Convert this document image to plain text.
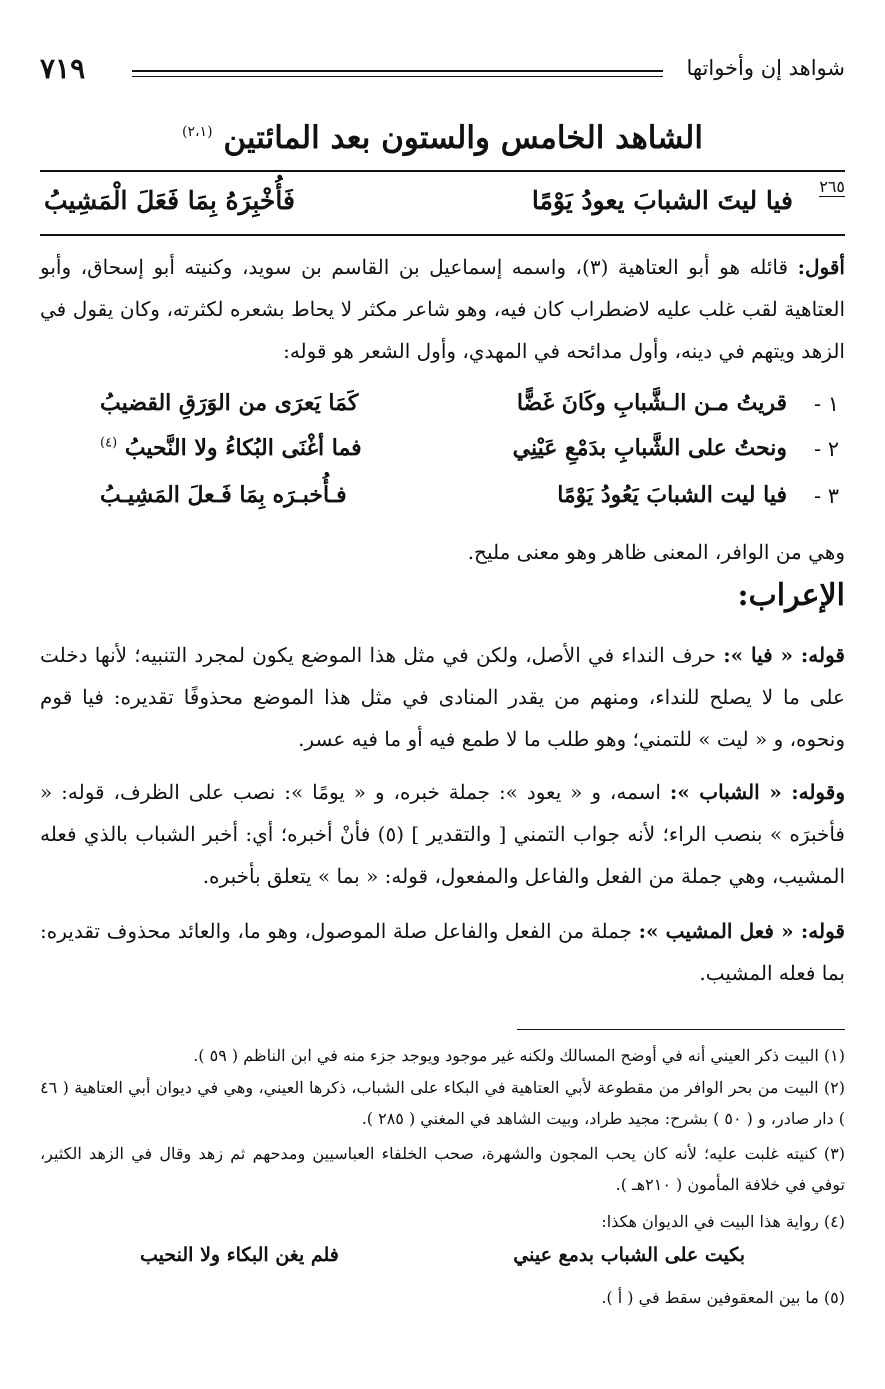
٧١٩	شواهد إن وأخواتها
الشاهد الخامس والستون بعد المائتين $^{(٢،١)}$
٢٦٥
فيا ليتَ الشبابَ يعودُ يَوْمًا
فَأُخْبِرَهُ بِمَا فَعَلَ الْمَشِيبُ
أقول: قائله هو أبو العتاهية (٣)، واسمه إسماعيل بن القاسم بن سويد، وكنيته أبو إسحاق، وأبو العتاهية لقب غلب عليه لاضطراب كان فيه، وهو شاعر مكثر لا يحاط بشعره لكثرته، وكان يقول في الزهد ويتهم في دينه، وأول مدائحه في المهدي، وأول الشعر هو قوله:
١ -
قريتُ مـن الـشَّبابِ وكَانَ غَضًّا
كَمَا يَعرَى من الوَرَقِ القضيبُ
٢ -
ونحتُ على الشَّبابِ بدَمْعِ عَيْنِي
فما أغْنَى البُكاءُ ولا النَّحيبُ $^{(٤)}$
٣ -
فيا ليت الشبابَ يَعُودُ يَوْمًا
فـأُخبـرَه بِمَا فَـعلَ المَشِيـبُ
وهي من الوافر، المعنى ظاهر وهو معنى مليح.
الإعراب:
قوله: « فيا »: حرف النداء في الأصل، ولكن في مثل هذا الموضع يكون لمجرد التنبيه؛ لأنها دخلت على ما لا يصلح للنداء، ومنهم من يقدر المنادى في مثل هذا الموضع محذوفًا تقديره: فيا قوم ونحوه، و « ليت » للتمني؛ وهو طلب ما لا طمع فيه أو ما فيه عسر.
وقوله: « الشباب »: اسمه، و « يعود »: جملة خبره، و « يومًا »: نصب على الظرف، قوله: « فأخبرَه » بنصب الراء؛ لأنه جواب التمني [ والتقدير ] (٥) فأنْ أخبره؛ أي: أخبر الشباب بالذي فعله المشيب، وهي جملة من الفعل والفاعل والمفعول، قوله: « بما » يتعلق بأخبره.
قوله: « فعل المشيب »: جملة من الفعل والفاعل صلة الموصول، وهو ما، والعائد محذوف تقديره: بما فعله المشيب.
(١) البيت ذكر العيني أنه في أوضح المسالك ولكنه غير موجود ويوجد جزء منه في ابن الناظم ( ٥٩ ).
(٢) البيت من بحر الوافر من مقطوعة لأبي العتاهية في البكاء على الشباب، ذكرها العيني، وهي في ديوان أبي العتاهية ( ٤٦ ) دار صادر، و ( ٥٠ ) بشرح: مجيد طراد، وبيت الشاهد في المغني ( ٢٨٥ ).
(٣) كنيته غلبت عليه؛ لأنه كان يحب المجون والشهرة، صحب الخلفاء العباسيين ومدحهم ثم زهد وقال في الزهد الكثير، توفي في خلافة المأمون ( ٢١٠هـ ).
(٤) رواية هذا البيت في الديوان هكذا:
بكيت على الشباب بدمع عيني
فلم يغن البكاء ولا النحيب
(٥) ما بين المعقوفين سقط في ( أ ).
